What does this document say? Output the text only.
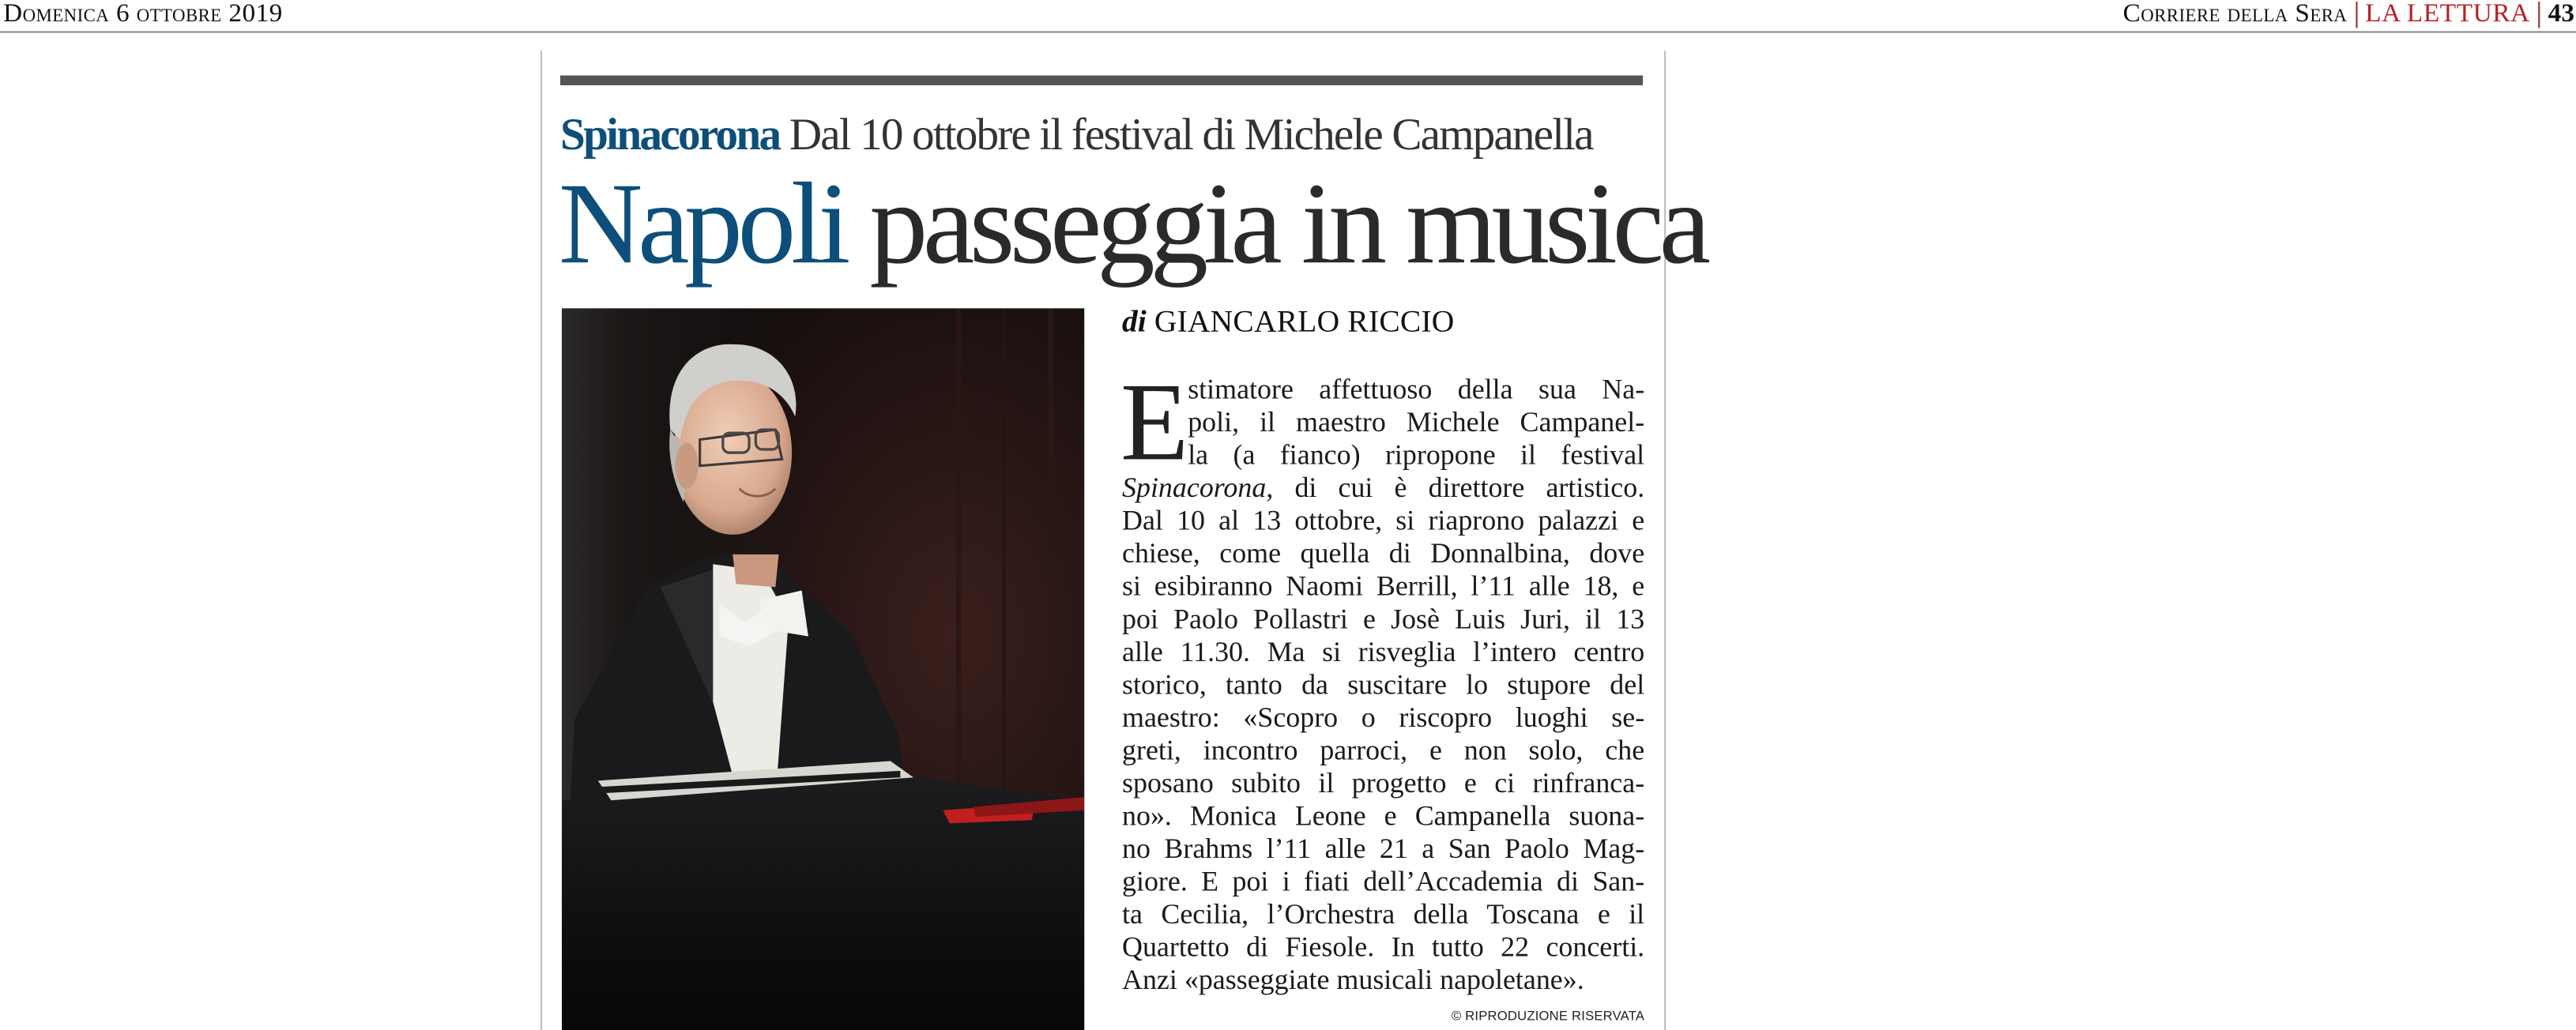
Domenica 6 ottobre 2019	Corriere della Sera LA LETTURA 43
Spinacorona Dal 10 ottobre il festival di Michele Campanella
Napoli passeggia in musica
di GIANCARLO RICCIO
E
stimatore affettuoso della sua Na-
poli, il maestro Michele Campanel-
la (a fianco) ripropone il festival
Spinacorona, di cui è direttore artistico.
Dal 10 al 13 ottobre, si riaprono palazzi e
chiese, come quella di Donnalbina, dove
si esibiranno Naomi Berrill, l’11 alle 18, e
poi Paolo Pollastri e Josè Luis Juri, il 13
alle 11.30. Ma si risveglia l’intero centro
storico, tanto da suscitare lo stupore del
maestro: «Scopro o riscopro luoghi se-
greti, incontro parroci, e non solo, che
sposano subito il progetto e ci rinfranca-
no». Monica Leone e Campanella suona-
no Brahms l’11 alle 21 a San Paolo Mag-
giore. E poi i fiati dell’Accademia di San-
ta Cecilia, l’Orchestra della Toscana e il
Quartetto di Fiesole. In tutto 22 concerti.
Anzi «passeggiate musicali napoletane».
© RIPRODUZIONE RISERVATA
